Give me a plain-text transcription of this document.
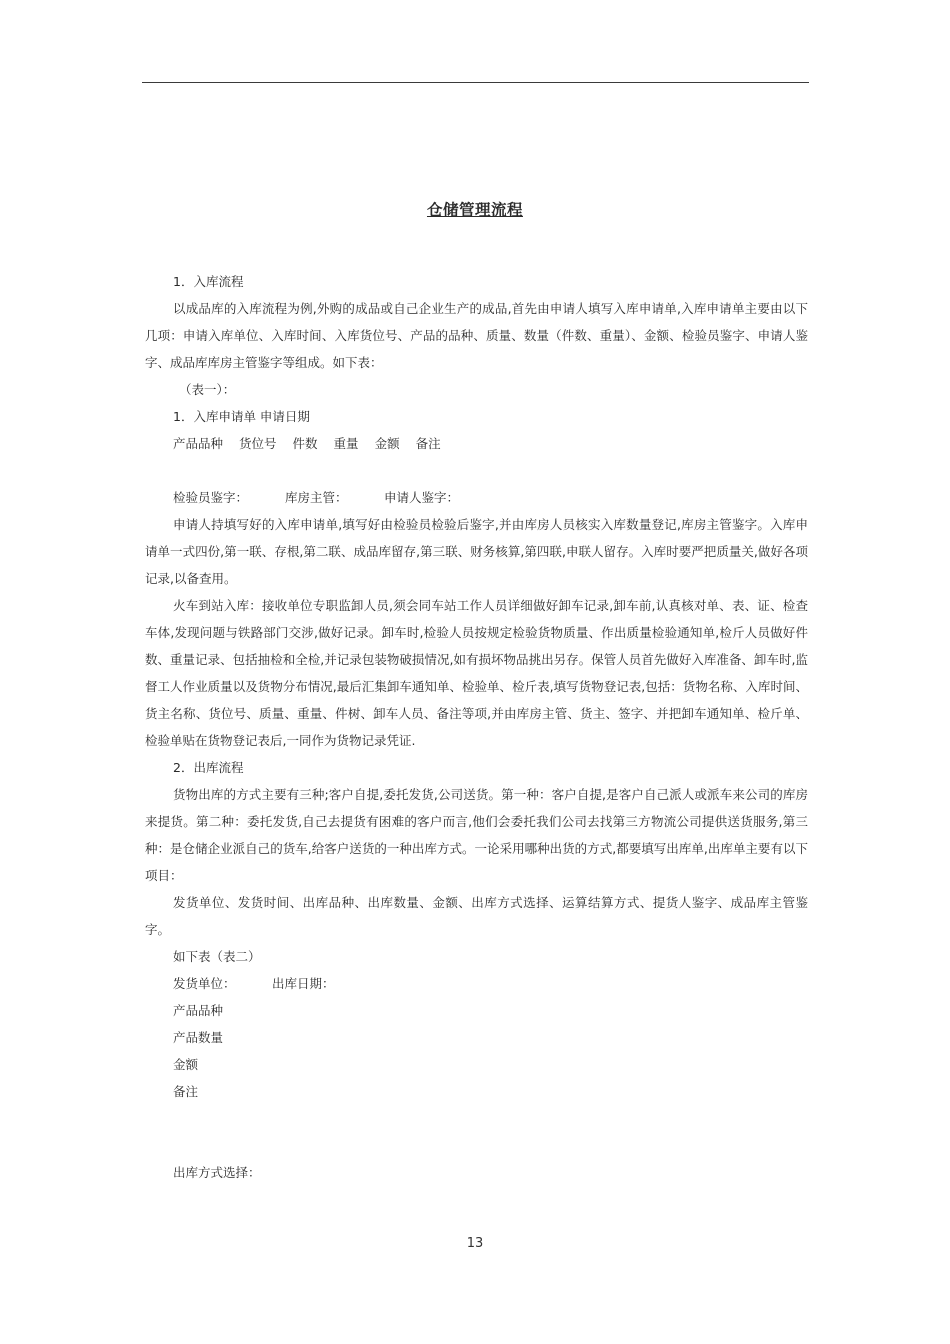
仓储管理流程

1．入库流程

以成品库的入库流程为例,外购的成品或自己企业生产的成品,首先由申请人填写入库申请单,入库申请单主要由以下几项：申请入库单位、入库时间、入库货位号、产品的品种、质量、数量（件数、重量）、金额、检验员鉴字、申请人鉴字、成品库库房主管鉴字等组成。如下表：

（表一）：

1．入库申请单 申请日期

产品品种 货位号 件数 重量 金额 备注

检验员鉴字：	库房主管：	申请人鉴字：

申请人持填写好的入库申请单,填写好由检验员检验后鉴字,并由库房人员核实入库数量登记,库房主管鉴字。入库申请单一式四份,第一联、存根,第二联、成品库留存,第三联、财务核算,第四联,申联人留存。入库时要严把质量关,做好各项记录,以备查用。

火车到站入库：接收单位专职监卸人员,须会同车站工作人员详细做好卸车记录,卸车前,认真核对单、表、证、检查车体,发现问题与铁路部门交涉,做好记录。卸车时,检验人员按规定检验货物质量、作出质量检验通知单,检斤人员做好件数、重量记录、包括抽检和全检,并记录包装物破损情况,如有损坏物品挑出另存。保管人员首先做好入库准备、卸车时,监督工人作业质量以及货物分布情况,最后汇集卸车通知单、检验单、检斤表,填写货物登记表,包括：货物名称、入库时间、货主名称、货位号、质量、重量、件树、卸车人员、备注等项,并由库房主管、货主、签字、并把卸车通知单、检斤单、检验单贴在货物登记表后,一同作为货物记录凭证.

2．出库流程

货物出库的方式主要有三种;客户自提,委托发货,公司送货。第一种：客户自提,是客户自己派人或派车来公司的库房来提货。第二种：委托发货,自己去提货有困难的客户而言,他们会委托我们公司去找第三方物流公司提供送货服务,第三种：是仓储企业派自己的货车,给客户送货的一种出库方式。一论采用哪种出货的方式,都要填写出库单,出库单主要有以下项目：

发货单位、发货时间、出库品种、出库数量、金额、出库方式选择、运算结算方式、提货人鉴字、成品库主管鉴字。

如下表（表二）

发货单位：	出库日期：

产品品种

产品数量

金额

备注

出库方式选择：

13
